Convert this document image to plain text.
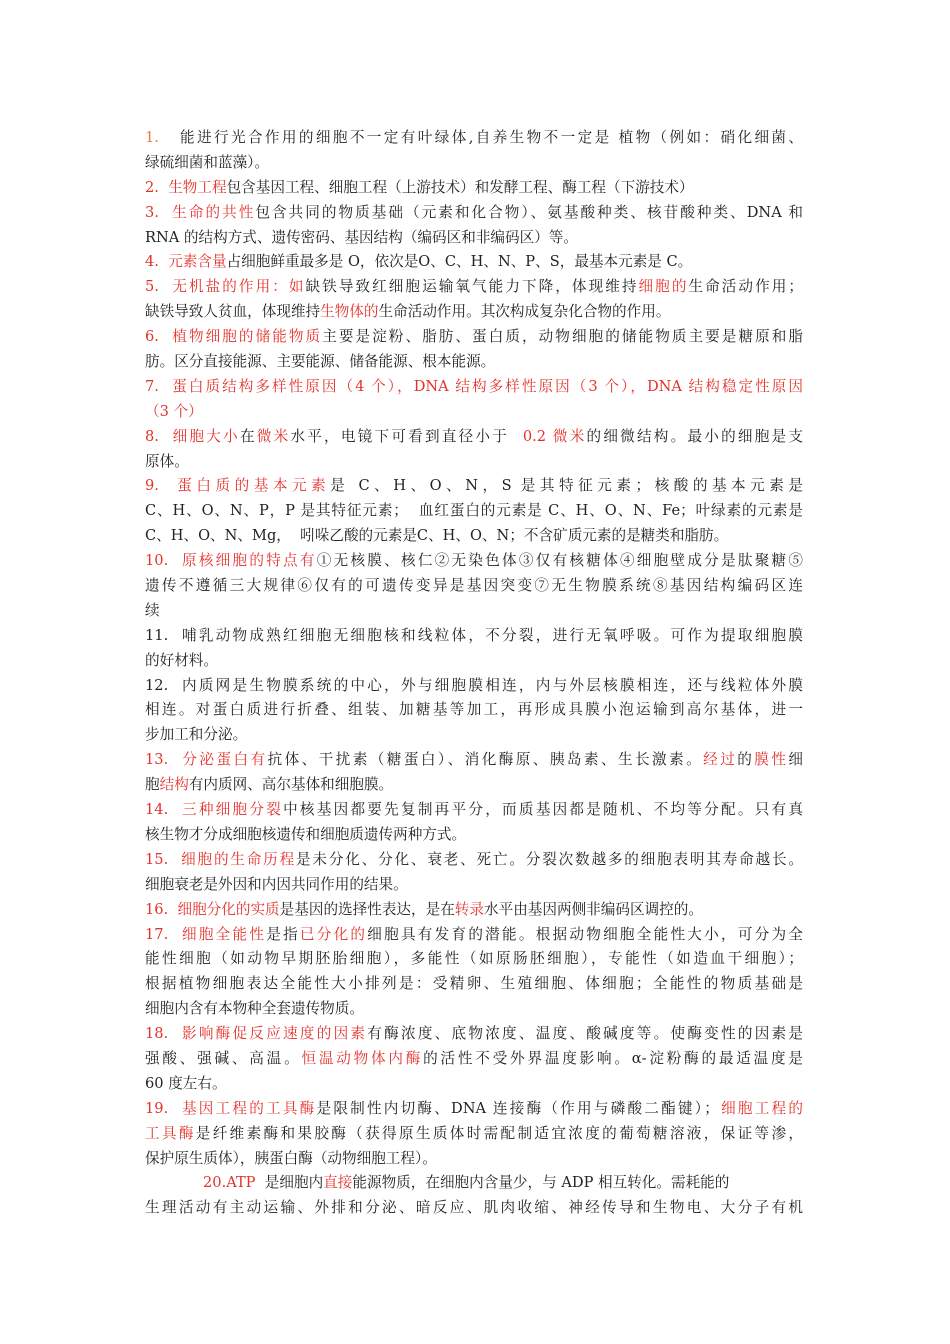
1.   能进行光合作用的细胞不一定有叶绿体,自养生物不一定是 植物（例如：硝化细菌、
绿硫细菌和蓝藻）。
2.  生物工程包含基因工程、细胞工程（上游技术）和发酵工程、酶工程（下游技术）
3.  生命的共性包含共同的物质基础（元素和化合物）、氨基酸种类、核苷酸种类、DNA 和
RNA 的结构方式、遗传密码、基因结构（编码区和非编码区）等。
4.  元素含量占细胞鲜重最多是 O，依次是O、C、H、N、P、S，最基本元素是 C。
5.  无机盐的作用：如缺铁导致红细胞运输氧气能力下降，体现维持细胞的生命活动作用；
缺铁导致人贫血，体现维持生物体的生命活动作用。其次构成复杂化合物的作用。
6.  植物细胞的储能物质主要是淀粉、脂肪、蛋白质，动物细胞的储能物质主要是糖原和脂
肪。区分直接能源、主要能源、储备能源、根本能源。
7.  蛋白质结构多样性原因（4 个），DNA 结构多样性原因（3 个），DNA 结构稳定性原因
（3 个）
8.  细胞大小在微米水平，电镜下可看到直径小于  0.2 微米的细微结构。最小的细胞是支
原体。
9.  蛋白质的基本元素是 C、H、O、N，S 是其特征元素；核酸的基本元素是
C、H、O、N、P，P 是其特征元素；  血红蛋白的元素是 C、H、O、N、Fe；叶绿素的元素是
C、H、O、N、Mg，  吲哚乙酸的元素是C、H、O、N；不含矿质元素的是糖类和脂肪。
10.  原核细胞的特点有①无核膜、核仁②无染色体③仅有核糖体④细胞壁成分是肽聚糖⑤
遗传不遵循三大规律⑥仅有的可遗传变异是基因突变⑦无生物膜系统⑧基因结构编码区连
续
11.  哺乳动物成熟红细胞无细胞核和线粒体，不分裂，进行无氧呼吸。可作为提取细胞膜
的好材料。
12.  内质网是生物膜系统的中心，外与细胞膜相连，内与外层核膜相连，还与线粒体外膜
相连。对蛋白质进行折叠、组装、加糖基等加工，再形成具膜小泡运输到高尔基体，进一
步加工和分泌。
13.  分泌蛋白有抗体、干扰素（糖蛋白）、消化酶原、胰岛素、生长激素。经过的膜性细
胞结构有内质网、高尔基体和细胞膜。
14.  三种细胞分裂中核基因都要先复制再平分，而质基因都是随机、不均等分配。只有真
核生物才分成细胞核遗传和细胞质遗传两种方式。
15.  细胞的生命历程是未分化、分化、衰老、死亡。分裂次数越多的细胞表明其寿命越长。
细胞衰老是外因和内因共同作用的结果。
16.  细胞分化的实质是基因的选择性表达，是在转录水平由基因两侧非编码区调控的。
17.  细胞全能性是指已分化的细胞具有发育的潜能。根据动物细胞全能性大小，可分为全
能性细胞（如动物早期胚胎细胞），多能性（如原肠胚细胞），专能性（如造血干细胞）；
根据植物细胞表达全能性大小排列是：受精卵、生殖细胞、体细胞；全能性的物质基础是
细胞内含有本物种全套遗传物质。
18.  影响酶促反应速度的因素有酶浓度、底物浓度、温度、酸碱度等。使酶变性的因素是
强酸、强碱、高温。恒温动物体内酶的活性不受外界温度影响。α-淀粉酶的最适温度是
60 度左右。
19.  基因工程的工具酶是限制性内切酶、DNA 连接酶（作用与磷酸二酯键）；细胞工程的
工具酶是纤维素酶和果胶酶（获得原生质体时需配制适宜浓度的葡萄糖溶液，保证等渗，
保护原生质体），胰蛋白酶（动物细胞工程）。
20.ATP  是细胞内直接能源物质，在细胞内含量少，与 ADP 相互转化。需耗能的
生理活动有主动运输、外排和分泌、暗反应、肌肉收缩、神经传导和生物电、大分子有机
